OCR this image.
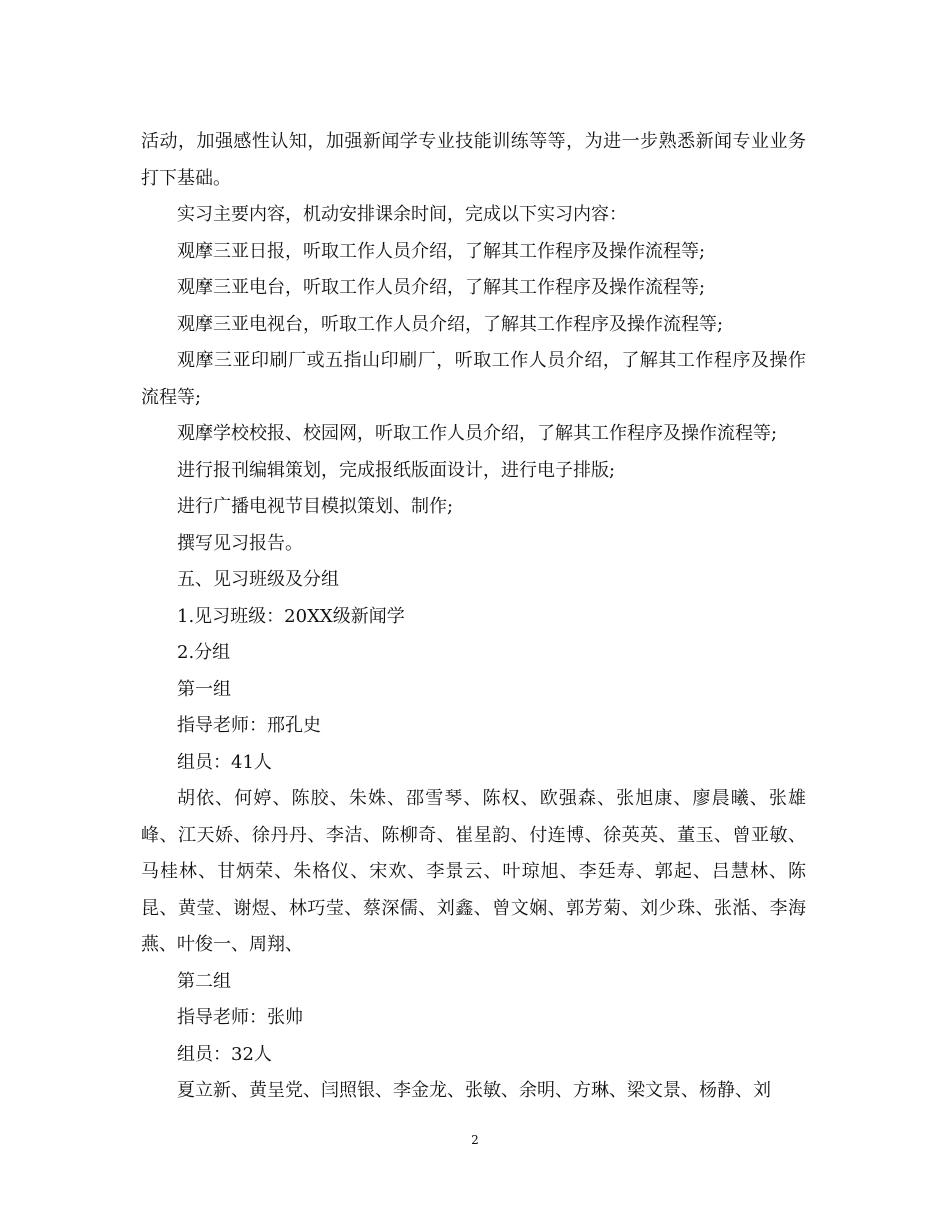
活动，加强感性认知，加强新闻学专业技能训练等等，为进一步熟悉新闻专业业务打下基础。

实习主要内容，机动安排课余时间，完成以下实习内容：

观摩三亚日报，听取工作人员介绍，了解其工作程序及操作流程等;

观摩三亚电台，听取工作人员介绍，了解其工作程序及操作流程等;

观摩三亚电视台，听取工作人员介绍，了解其工作程序及操作流程等;

观摩三亚印刷厂或五指山印刷厂，听取工作人员介绍，了解其工作程序及操作流程等;

观摩学校校报、校园网，听取工作人员介绍，了解其工作程序及操作流程等;

进行报刊编辑策划，完成报纸版面设计，进行电子排版;

进行广播电视节目模拟策划、制作;

撰写见习报告。

五、见习班级及分组

1.见习班级：20XX级新闻学

2.分组

第一组

指导老师：邢孔史

组员：41人

胡依、何婷、陈胶、朱姝、邵雪琴、陈权、欧强森、张旭康、廖晨曦、张雄峰、江天娇、徐丹丹、李洁、陈柳奇、崔星韵、付连博、徐英英、董玉、曾亚敏、马桂林、甘炳荣、朱格仪、宋欢、李景云、叶琼旭、李廷寿、郭起、吕慧林、陈昆、黄莹、谢煜、林巧莹、蔡深儒、刘鑫、曾文娴、郭芳菊、刘少珠、张湉、李海燕、叶俊一、周翔、

第二组

指导老师：张帅

组员：32人

夏立新、黄呈党、闫照银、李金龙、张敏、余明、方琳、梁文景、杨静、刘

2
